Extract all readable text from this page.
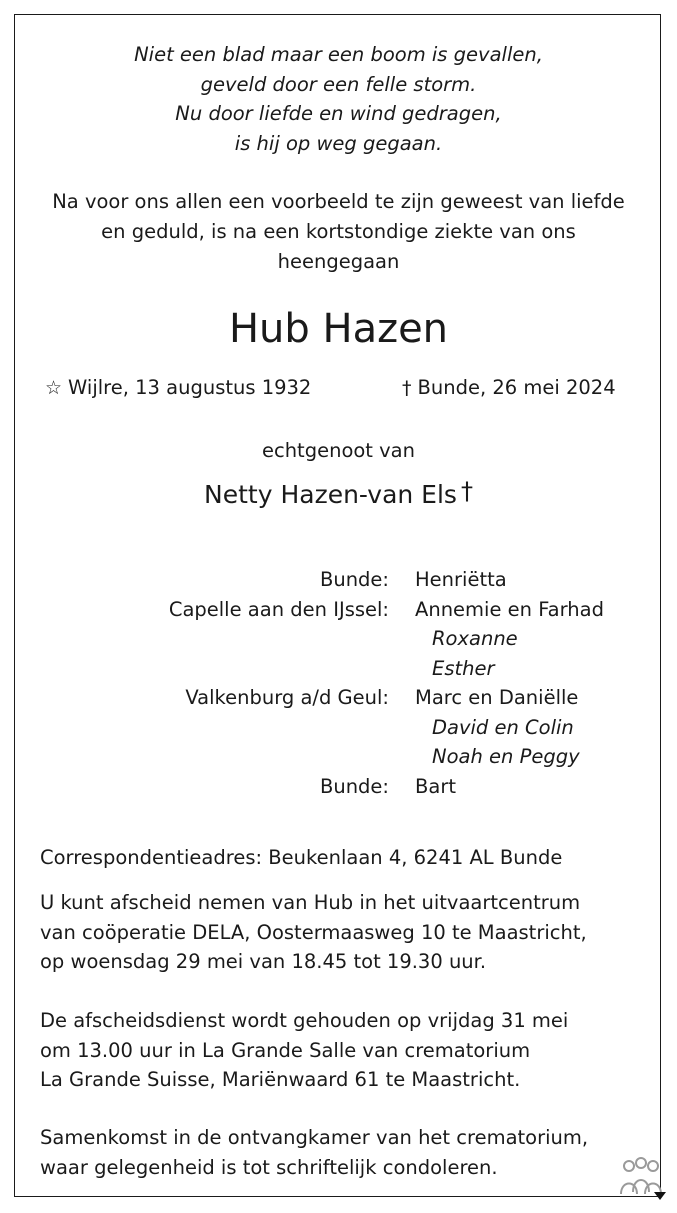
Niet een blad maar een boom is gevallen,
geveld door een felle storm.
Nu door liefde en wind gedragen,
is hij op weg gegaan.
Na voor ons allen een voorbeeld te zijn geweest van liefde
en geduld, is na een kortstondige ziekte van ons
heengegaan
Hub Hazen
☆ Wijlre, 13 augustus 1932	† Bunde, 26 mei 2024
echtgenoot van
Netty Hazen-van Els †
Bunde: Henriëtta
Capelle aan den IJssel: Annemie en Farhad
Roxanne
Esther
Valkenburg a/d Geul: Marc en Daniëlle
David en Colin
Noah en Peggy
Bunde: Bart
Correspondentieadres: Beukenlaan 4, 6241 AL Bunde
U kunt afscheid nemen van Hub in het uitvaartcentrum
van coöperatie DELA, Oostermaasweg 10 te Maastricht,
op woensdag 29 mei van 18.45 tot 19.30 uur.
De afscheidsdienst wordt gehouden op vrijdag 31 mei
om 13.00 uur in La Grande Salle van crematorium
La Grande Suisse, Mariënwaard 61 te Maastricht.
Samenkomst in de ontvangkamer van het crematorium,
waar gelegenheid is tot schriftelijk condoleren.
